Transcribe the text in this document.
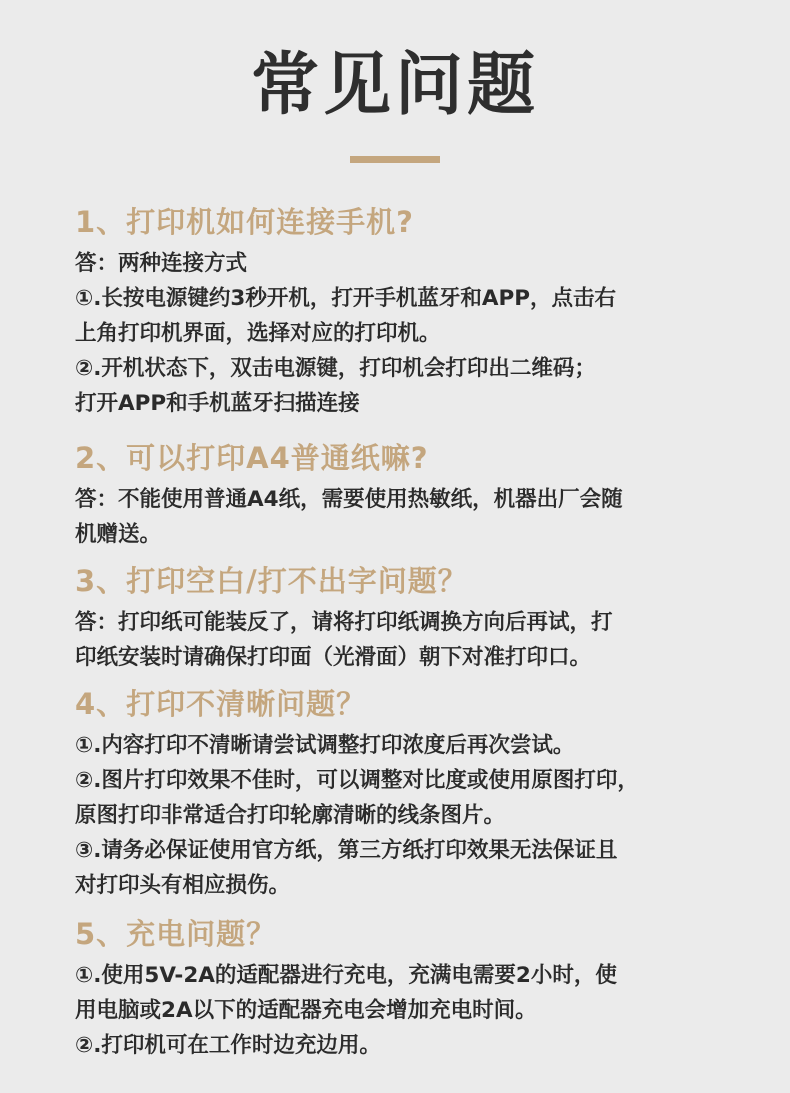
常见问题
1、打印机如何连接手机?
答：两种连接方式
①.长按电源键约3秒开机，打开手机蓝牙和APP，点击右
上角打印机界面，选择对应的打印机。
②.开机状态下，双击电源键，打印机会打印出二维码；
打开APP和手机蓝牙扫描连接
2、可以打印A4普通纸嘛?
答：不能使用普通A4纸，需要使用热敏纸，机器出厂会随
机赠送。
3、打印空白/打不出字问题？
答：打印纸可能装反了，请将打印纸调换方向后再试，打
印纸安装时请确保打印面（光滑面）朝下对准打印口。
4、打印不清晰问题？
①.内容打印不清晰请尝试调整打印浓度后再次尝试。
②.图片打印效果不佳时，可以调整对比度或使用原图打印，
原图打印非常适合打印轮廓清晰的线条图片。
③.请务必保证使用官方纸，第三方纸打印效果无法保证且
对打印头有相应损伤。
5、充电问题？
①.使用5V-2A的适配器进行充电，充满电需要2小时，使
用电脑或2A以下的适配器充电会增加充电时间。
②.打印机可在工作时边充边用。
